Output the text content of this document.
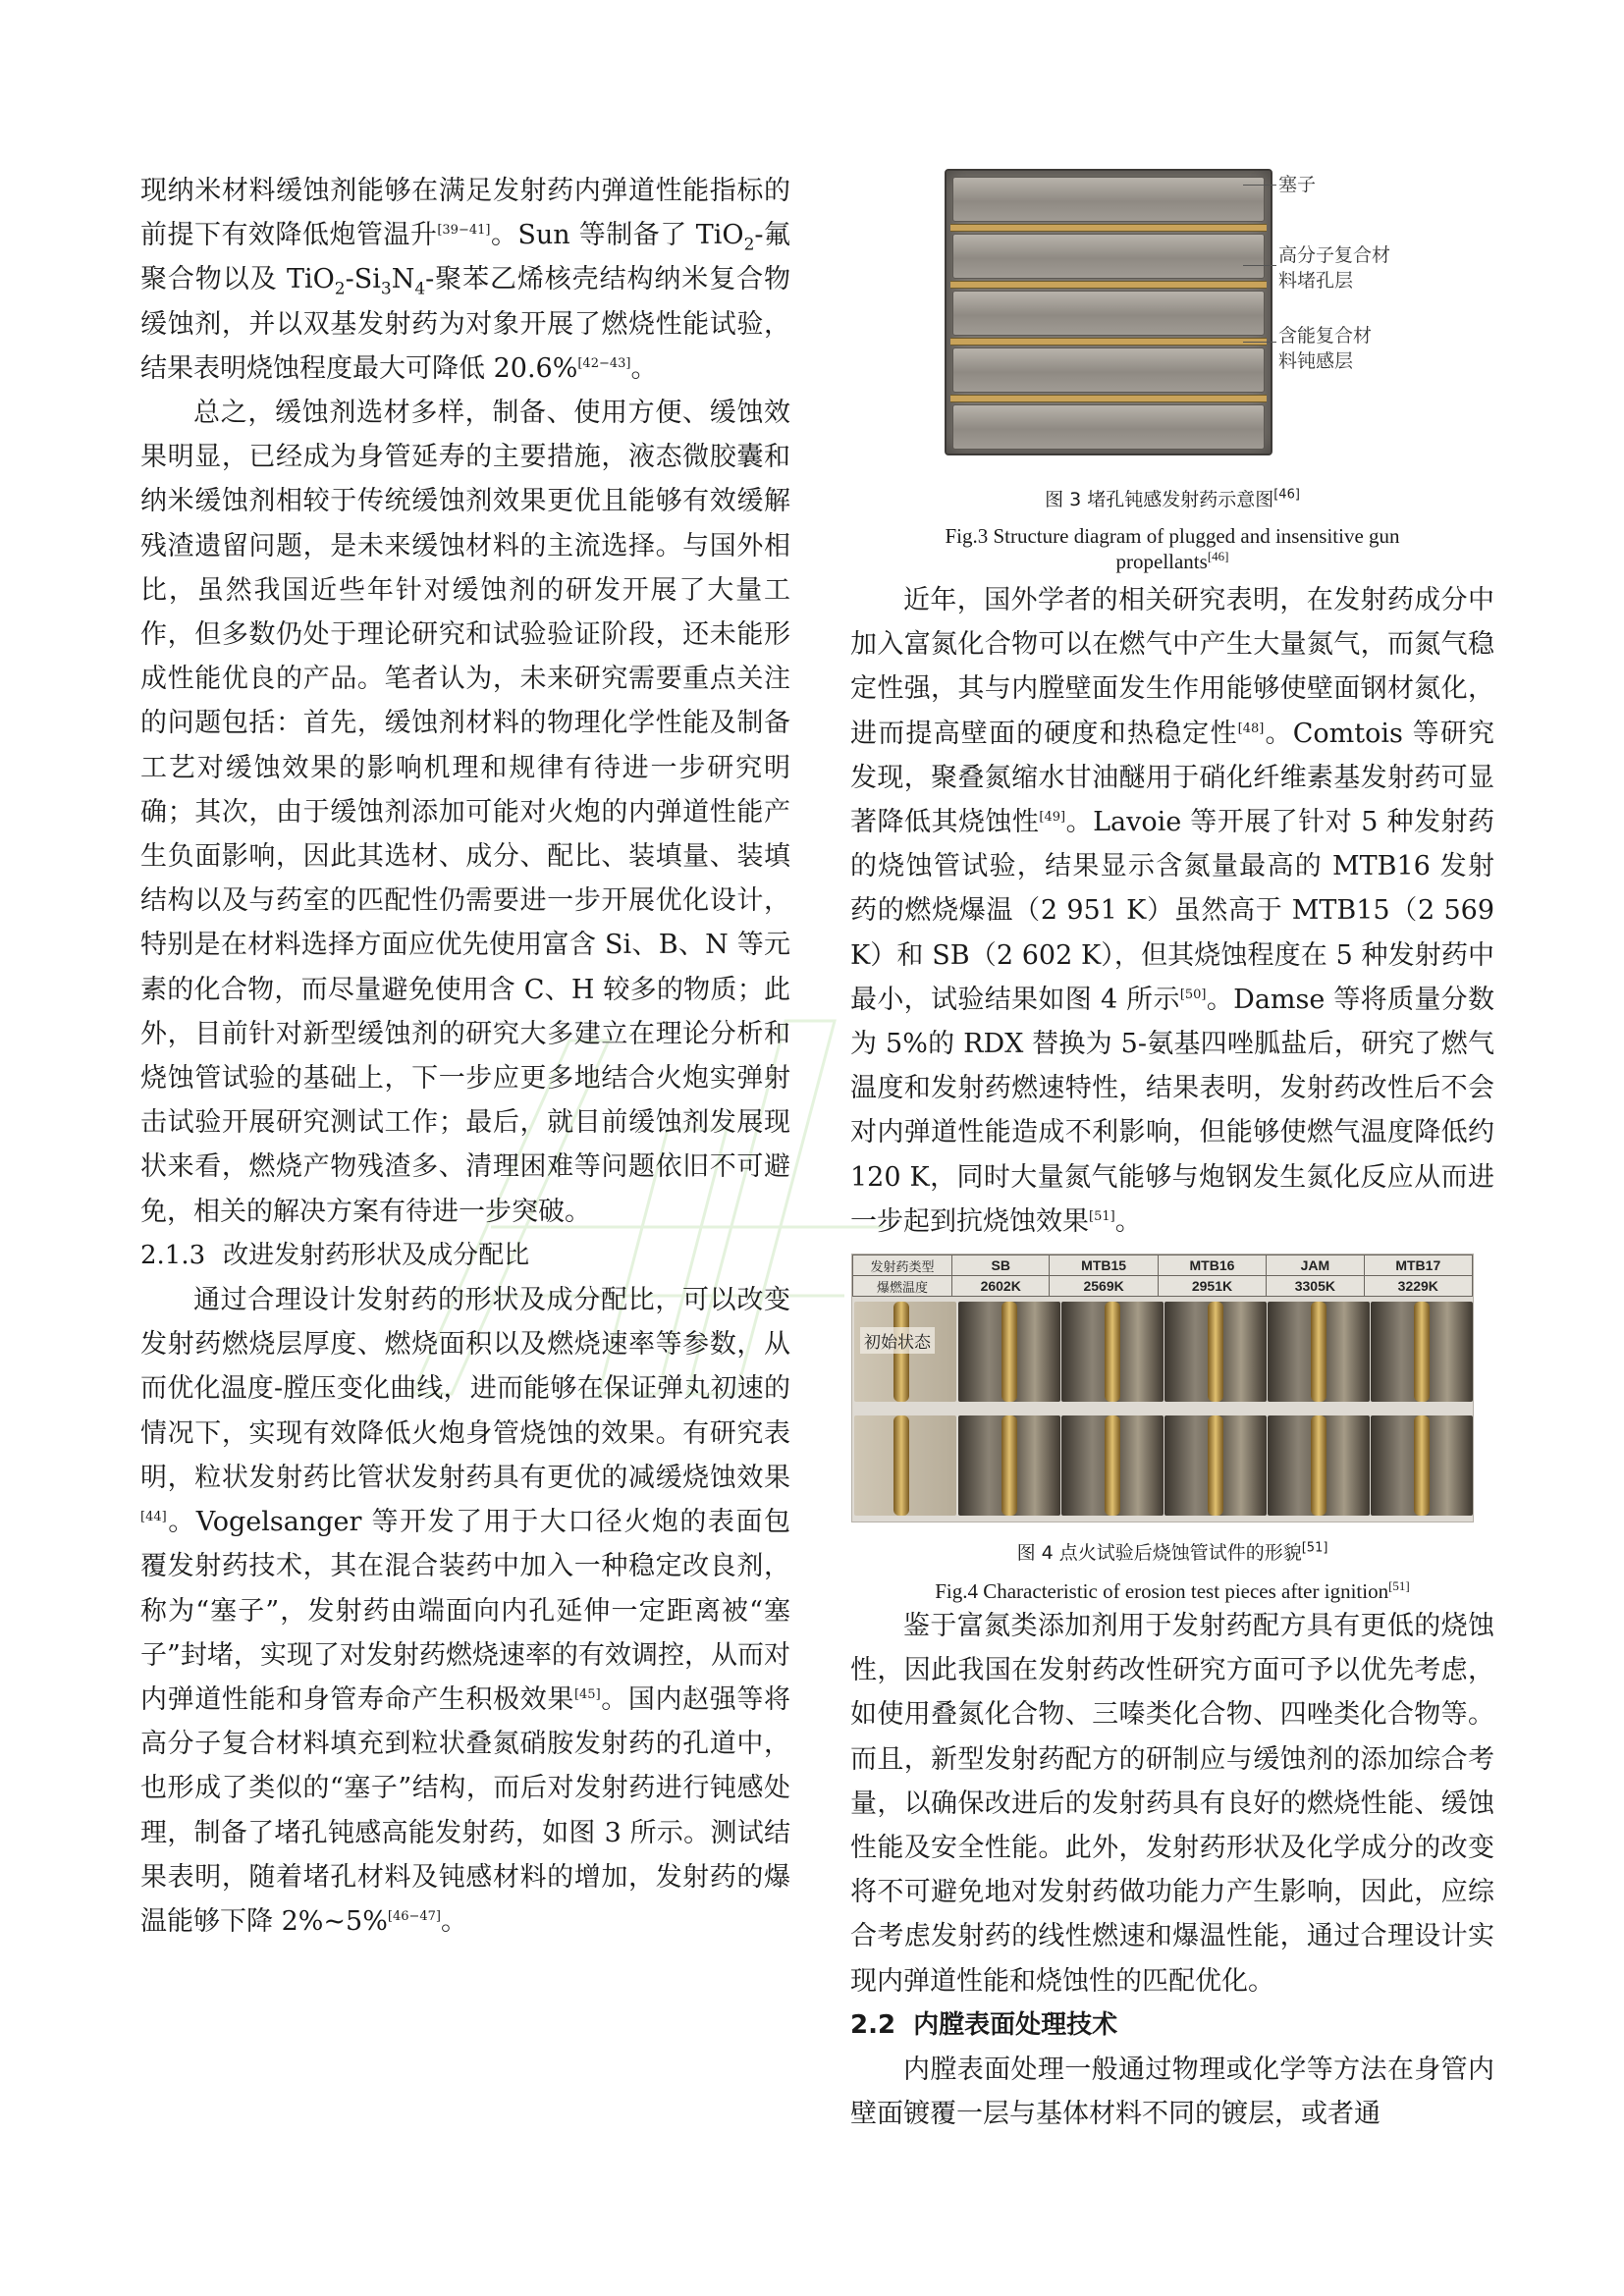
现纳米材料缓蚀剂能够在满足发射药内弹道性能指标的前提下有效降低炮管温升[39−41]。Sun 等制备了 TiO$_2$-氟聚合物以及 $TiO_2-Si_3N_4-$聚苯乙烯核壳结构纳米复合物缓蚀剂，并以双基发射药为对象开展了燃烧性能试验，结果表明烧蚀程度最大可降低 20.6%[42−43]。

总之，缓蚀剂选材多样，制备、使用方便、缓蚀效果明显，已经成为身管延寿的主要措施，液态微胶囊和纳米缓蚀剂相较于传统缓蚀剂效果更优且能够有效缓解残渣遗留问题，是未来缓蚀材料的主流选择。与国外相比，虽然我国近些年针对缓蚀剂的研发开展了大量工作，但多数仍处于理论研究和试验验证阶段，还未能形成性能优良的产品。笔者认为，未来研究需要重点关注的问题包括：首先，缓蚀剂材料的物理化学性能及制备工艺对缓蚀效果的影响机理和规律有待进一步研究明确；其次，由于缓蚀剂添加可能对火炮的内弹道性能产生负面影响，因此其选材、成分、配比、装填量、装填结构以及与药室的匹配性仍需要进一步开展优化设计，特别是在材料选择方面应优先使用富含 Si、B、N 等元素的化合物，而尽量避免使用含 C、H 较多的物质；此外，目前针对新型缓蚀剂的研究大多建立在理论分析和烧蚀管试验的基础上，下一步应更多地结合火炮实弹射击试验开展研究测试工作；最后，就目前缓蚀剂发展现状来看，燃烧产物残渣多、清理困难等问题依旧不可避免，相关的解决方案有待进一步突破。

2.1.3 改进发射药形状及成分配比

通过合理设计发射药的形状及成分配比，可以改变发射药燃烧层厚度、燃烧面积以及燃烧速率等参数，从而优化温度-膛压变化曲线，进而能够在保证弹丸初速的情况下，实现有效降低火炮身管烧蚀的效果。有研究表明，粒状发射药比管状发射药具有更优的减缓烧蚀效果[44]。Vogelsanger 等开发了用于大口径火炮的表面包覆发射药技术，其在混合装药中加入一种稳定改良剂，称为“塞子”，发射药由端面向内孔延伸一定距离被“塞子”封堵，实现了对发射药燃烧速率的有效调控，从而对内弹道性能和身管寿命产生积极效果[45]。国内赵强等将高分子复合材料填充到粒状叠氮硝胺发射药的孔道中，也形成了类似的“塞子”结构，而后对发射药进行钝感处理，制备了堵孔钝感高能发射药，如图 3 所示。测试结果表明，随着堵孔材料及钝感材料的增加，发射药的爆温能够下降 2%~5%[46−47]。

塞子
高分子复合材
料堵孔层
含能复合材
料钝感层

图 3 堵孔钝感发射药示意图[46]

Fig.3 Structure diagram of plugged and insensitive gun
propellants[46]

近年，国外学者的相关研究表明，在发射药成分中加入富氮化合物可以在燃气中产生大量氮气，而氮气稳定性强，其与内膛壁面发生作用能够使壁面钢材氮化，进而提高壁面的硬度和热稳定性[48]。Comtois 等研究发现，聚叠氮缩水甘油醚用于硝化纤维素基发射药可显著降低其烧蚀性[49]。Lavoie 等开展了针对 5 种发射药的烧蚀管试验，结果显示含氮量最高的 MTB16 发射药的燃烧爆温（2 951 K）虽然高于 MTB15（2 569 K）和 SB（2 602 K），但其烧蚀程度在 5 种发射药中最小，试验结果如图 4 所示[50]。Damse 等将质量分数为 5%的 RDX 替换为 5-氨基四唑胍盐后，研究了燃气温度和发射药燃速特性，结果表明，发射药改性后不会对内弹道性能造成不利影响，但能够使燃气温度降低约 120 K，同时大量氮气能够与炮钢发生氮化反应从而进一步起到抗烧蚀效果[51]。

发射药类型	SB	MTB15	MTB16	JAM	MTB17
爆燃温度	2602K	2569K	2951K	3305K	3229K
初始状态

图 4 点火试验后烧蚀管试件的形貌[51]

Fig.4 Characteristic of erosion test pieces after ignition[51]

鉴于富氮类添加剂用于发射药配方具有更低的烧蚀性，因此我国在发射药改性研究方面可予以优先考虑，如使用叠氮化合物、三嗪类化合物、四唑类化合物等。而且，新型发射药配方的研制应与缓蚀剂的添加综合考量，以确保改进后的发射药具有良好的燃烧性能、缓蚀性能及安全性能。此外，发射药形状及化学成分的改变将不可避免地对发射药做功能力产生影响，因此，应综合考虑发射药的线性燃速和爆温性能，通过合理设计实现内弹道性能和烧蚀性的匹配优化。

2.2 内膛表面处理技术

内膛表面处理一般通过物理或化学等方法在身管内壁面镀覆一层与基体材料不同的镀层，或者通
